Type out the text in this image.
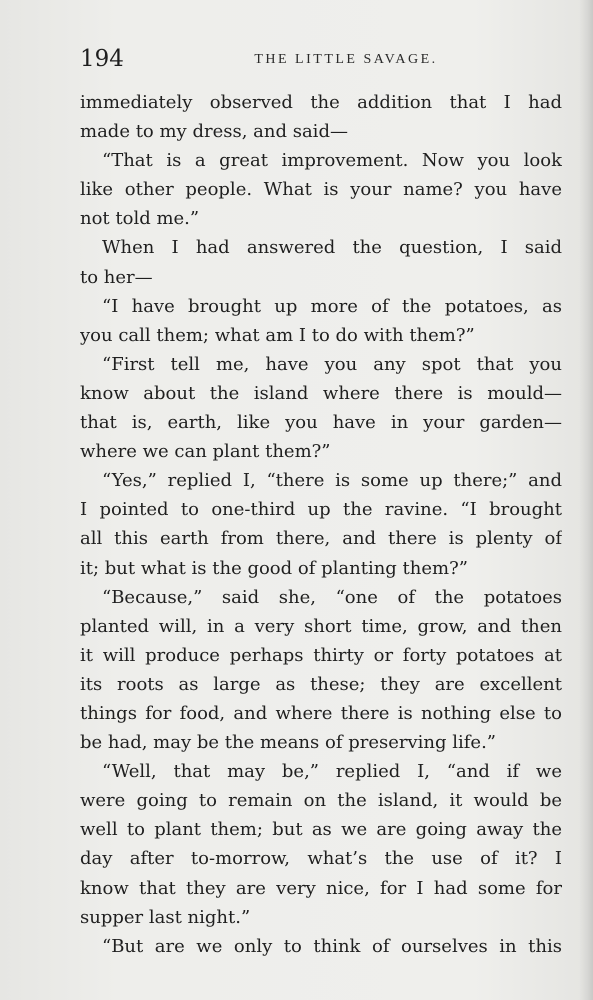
194	THE LITTLE SAVAGE.
immediately observed the addition that I had
made to my dress, and said—
“That is a great improvement. Now you look
like other people. What is your name? you have
not told me.”
When I had answered the question, I said
to her—
“I have brought up more of the potatoes, as
you call them; what am I to do with them?”
“First tell me, have you any spot that you
know about the island where there is mould—
that is, earth, like you have in your garden—
where we can plant them?”
“Yes,” replied I, “there is some up there;” and
I pointed to one-third up the ravine. “I brought
all this earth from there, and there is plenty of
it; but what is the good of planting them?”
“Because,” said she, “one of the potatoes
planted will, in a very short time, grow, and then
it will produce perhaps thirty or forty potatoes at
its roots as large as these; they are excellent
things for food, and where there is nothing else to
be had, may be the means of preserving life.”
“Well, that may be,” replied I, “and if we
were going to remain on the island, it would be
well to plant them; but as we are going away the
day after to-morrow, what’s the use of it? I
know that they are very nice, for I had some for
supper last night.”
“But are we only to think of ourselves in this
